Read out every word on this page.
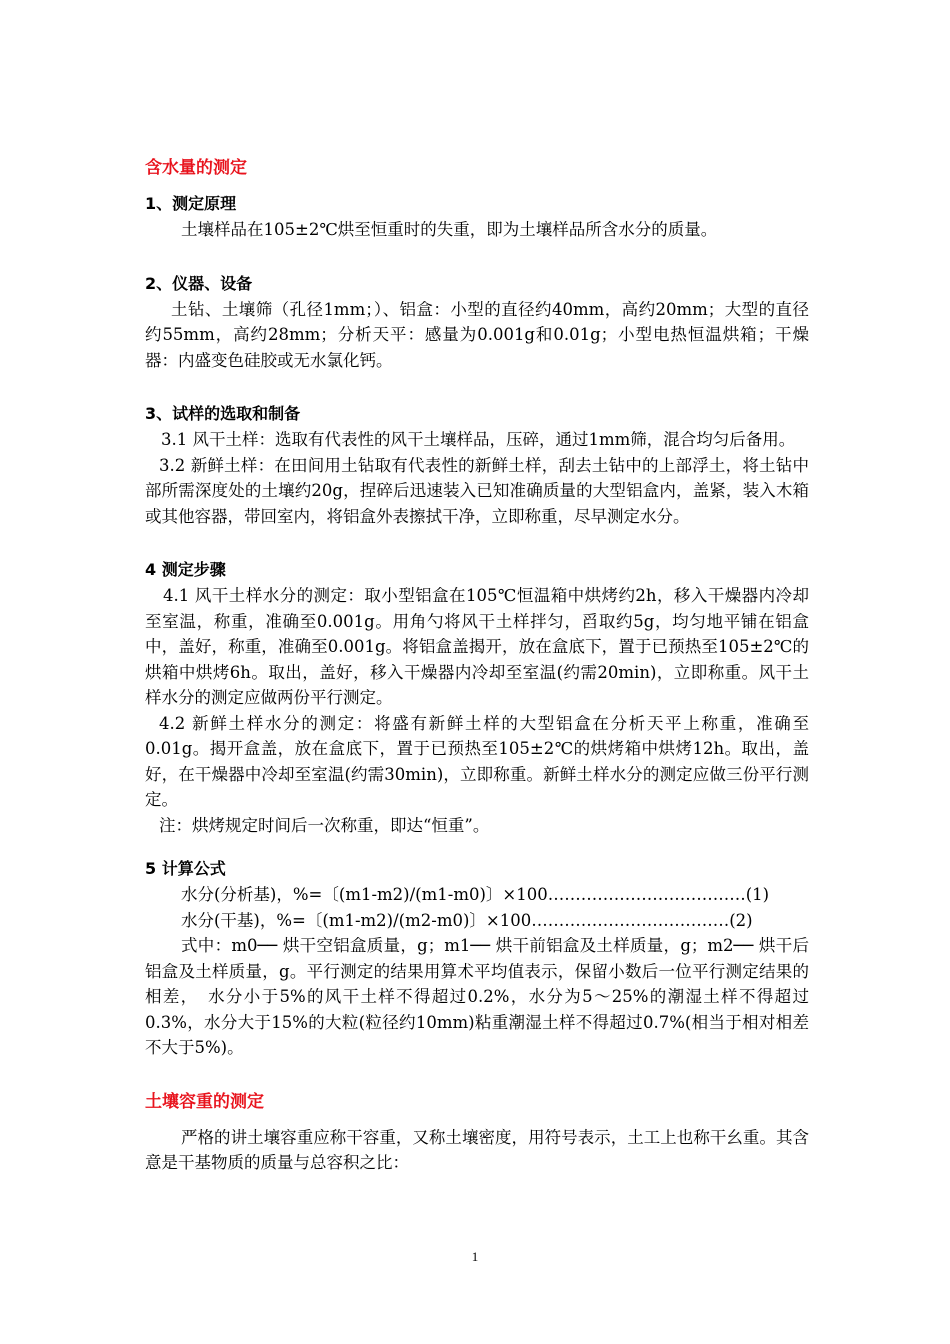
含水量的测定
1、测定原理

土壤样品在105±2℃烘至恒重时的失重，即为土壤样品所含水分的质量。

2、仪器、设备

土钻、土壤筛（孔径1mm；）、铝盒：小型的直径约40mm，高约20mm；大型的直径约55mm，高约28mm；分析天平：感量为0.001g和0.01g；小型电热恒温烘箱；干燥器：内盛变色硅胶或无水氯化钙。

3、试样的选取和制备

3.1 风干土样：选取有代表性的风干土壤样品，压碎，通过1mm筛，混合均匀后备用。

3.2 新鲜土样：在田间用土钻取有代表性的新鲜土样，刮去土钻中的上部浮土，将土钻中部所需深度处的土壤约20g，捏碎后迅速装入已知准确质量的大型铝盒内，盖紧，装入木箱或其他容器，带回室内，将铝盒外表擦拭干净，立即称重，尽早测定水分。

4 测定步骤

4.1 风干土样水分的测定：取小型铝盒在105℃恒温箱中烘烤约2h，移入干燥器内冷却至室温，称重，准确至0.001g。用角勺将风干土样拌匀，舀取约5g，均匀地平铺在铝盒中，盖好，称重，准确至0.001g。将铝盒盖揭开，放在盒底下，置于已预热至105±2℃的烘箱中烘烤6h。取出，盖好，移入干燥器内冷却至室温(约需20min)，立即称重。风干土样水分的测定应做两份平行测定。

4.2 新鲜土样水分的测定：将盛有新鲜土样的大型铝盒在分析天平上称重，准确至0.01g。揭开盒盖，放在盒底下，置于已预热至105±2℃的烘烤箱中烘烤12h。取出，盖好，在干燥器中冷却至室温(约需30min)，立即称重。新鲜土样水分的测定应做三份平行测定。

注：烘烤规定时间后一次称重，即达“恒重”。

5 计算公式

水分(分析基)，%=〔(m1-m2)/(m1-m0)〕×100………………………………(1)

水分(干基)，%=〔(m1-m2)/(m2-m0)〕×100………………………………(2)

式中：m0── 烘干空铝盒质量，g；m1── 烘干前铝盒及土样质量，g；m2── 烘干后铝盒及土样质量，g。平行测定的结果用算术平均值表示，保留小数后一位平行测定结果的相差，　水分小于5%的风干土样不得超过0.2%，水分为5～25%的潮湿土样不得超过0.3%，水分大于15%的大粒(粒径约10mm)粘重潮湿土样不得超过0.7%(相当于相对相差不大于5%)。

土壤容重的测定

严格的讲土壤容重应称干容重，又称土壤密度，用符号表示，土工上也称干幺重。其含意是干基物质的质量与总容积之比：

1
